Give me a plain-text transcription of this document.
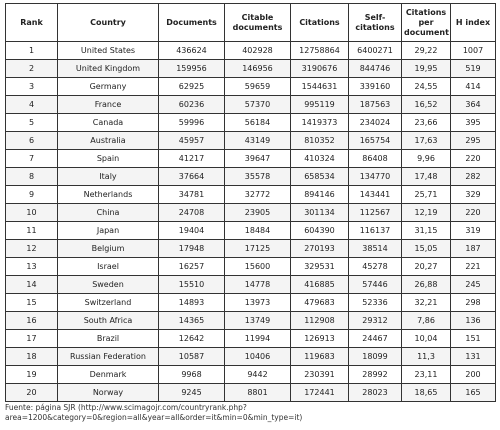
Rank	Country	Documents	Citable documents	Citations	Self-citations	Citations per document	H index
1	United States	436624	402928	12758864	6400271	29,22	1007
2	United Kingdom	159956	146956	3190676	844746	19,95	519
3	Germany	62925	59659	1544631	339160	24,55	414
4	France	60236	57370	995119	187563	16,52	364
5	Canada	59996	56184	1419373	234024	23,66	395
6	Australia	45957	43149	810352	165754	17,63	295
7	Spain	41217	39647	410324	86408	9,96	220
8	Italy	37664	35578	658534	134770	17,48	282
9	Netherlands	34781	32772	894146	143441	25,71	329
10	China	24708	23905	301134	112567	12,19	220
11	Japan	19404	18484	604390	116137	31,15	319
12	Belgium	17948	17125	270193	38514	15,05	187
13	Israel	16257	15600	329531	45278	20,27	221
14	Sweden	15510	14778	416885	57446	26,88	245
15	Switzerland	14893	13973	479683	52336	32,21	298
16	South Africa	14365	13749	112908	29312	7,86	136
17	Brazil	12642	11994	126913	24467	10,04	151
18	Russian Federation	10587	10406	119683	18099	11,3	131
19	Denmark	9968	9442	230391	28992	23,11	200
20	Norway	9245	8801	172441	28023	18,65	165
Fuente: página SJR (http://www.scimagojr.com/countryrank.php?area=1200&category=0&region=all&year=all&order=it&min=0&min_type=it)
